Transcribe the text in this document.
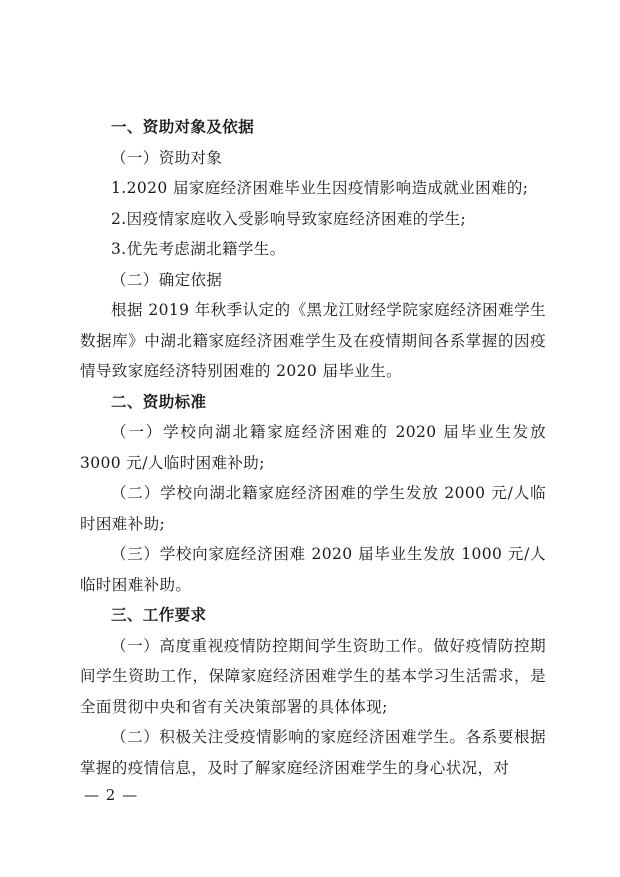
一、资助对象及依据

（一）资助对象

1.2020 届家庭经济困难毕业生因疫情影响造成就业困难的;

2.因疫情家庭收入受影响导致家庭经济困难的学生;

3.优先考虑湖北籍学生。

（二）确定依据

根据 2019 年秋季认定的《黑龙江财经学院家庭经济困难学生数据库》中湖北籍家庭经济困难学生及在疫情期间各系掌握的因疫情导致家庭经济特别困难的 2020 届毕业生。

二、资助标准

（一）学校向湖北籍家庭经济困难的 2020 届毕业生发放 3000 元/人临时困难补助;

（二）学校向湖北籍家庭经济困难的学生发放 2000 元/人临时困难补助;

（三）学校向家庭经济困难 2020 届毕业生发放 1000 元/人临时困难补助。

三、工作要求

（一）高度重视疫情防控期间学生资助工作。做好疫情防控期间学生资助工作，保障家庭经济困难学生的基本学习生活需求，是全面贯彻中央和省有关决策部署的具体体现;

（二）积极关注受疫情影响的家庭经济困难学生。各系要根据掌握的疫情信息，及时了解家庭经济困难学生的身心状况，对

— 2 —
